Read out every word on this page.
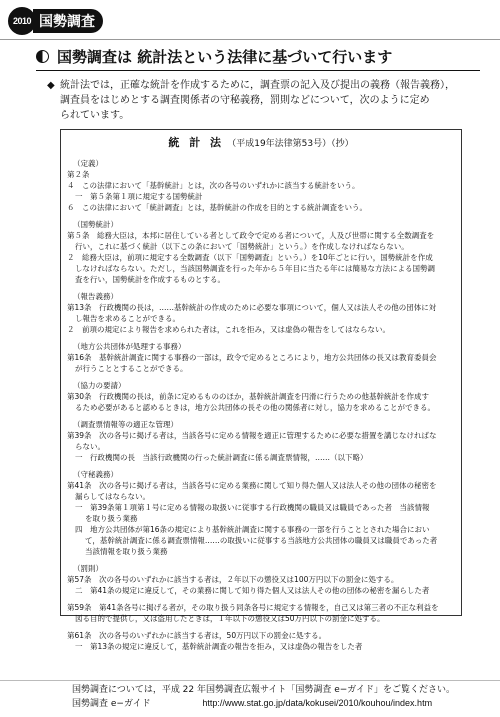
2010 国勢調査
国勢調査は 統計法という法律に基づいて行います
◆ 統計法では，正確な統計を作成するために，調査票の記入及び提出の義務（報告義務），
調査員をはじめとする調査関係者の守秘義務，罰則などについて，次のように定め
られています。
統 計 法 （平成19年法律第53号）（抄）
（定義）
第２条
４　この法律において「基幹統計」とは，次の各号のいずれかに該当する統計をいう。
一　第５条第１項に規定する国勢統計
６　この法律において「統計調査」とは，基幹統計の作成を目的とする統計調査をいう。
（国勢統計）
第５条　総務大臣は，本邦に居住している者として政令で定める者について，人及び世帯に関する全数調査を
行い，これに基づく統計（以下この条において「国勢統計」という。）を作成しなければならない。
２　総務大臣は，前項に規定する全数調査（以下「国勢調査」という。）を10年ごとに行い，国勢統計を作成
しなければならない。ただし，当該国勢調査を行った年から５年目に当たる年には簡易な方法による国勢調
査を行い，国勢統計を作成するものとする。
（報告義務）
第13条　行政機関の長は，……基幹統計の作成のために必要な事項について，個人又は法人その他の団体に対
し報告を求めることができる。
２　前項の規定により報告を求められた者は，これを拒み，又は虚偽の報告をしてはならない。
（地方公共団体が処理する事務）
第16条　基幹統計調査に関する事務の一部は，政令で定めるところにより，地方公共団体の長又は教育委員会
が行うこととすることができる。
（協力の要請）
第30条　行政機関の長は，前条に定めるもののほか，基幹統計調査を円滑に行うための他基幹統計を作成す
るため必要があると認めるときは，地方公共団体の長その他の関係者に対し，協力を求めることができる。
（調査票情報等の適正な管理）
第39条　次の各号に掲げる者は，当該各号に定める情報を適正に管理するために必要な措置を講じなければな
らない。
一　行政機関の長　当該行政機関の行った統計調査に係る調査票情報，……（以下略）
（守秘義務）
第41条　次の各号に掲げる者は，当該各号に定める業務に関して知り得た個人又は法人その他の団体の秘密を
漏らしてはならない。
一　第39条第１項第１号に定める情報の取扱いに従事する行政機関の職員又は職員であった者　当該情報
を取り扱う業務
四　地方公共団体が第16条の規定により基幹統計調査に関する事務の一部を行うこととされた場合におい
て，基幹統計調査に係る調査票情報……の取扱いに従事する当該地方公共団体の職員又は職員であった者
当該情報を取り扱う業務
（罰則）
第57条　次の各号のいずれかに該当する者は，２年以下の懲役又は100万円以下の罰金に処する。
二　第41条の規定に違反して，その業務に関して知り得た個人又は法人その他の団体の秘密を漏らした者
第59条　第41条各号に掲げる者が，その取り扱う同条各号に規定する情報を，自己又は第三者の不正な利益を
図る目的で提供し，又は盗用したときは，１年以下の懲役又は50万円以下の罰金に処する。
第61条　次の各号のいずれかに該当する者は，50万円以下の罰金に処する。
一　第13条の規定に違反して，基幹統計調査の報告を拒み，又は虚偽の報告をした者
国勢調査については，平成 22 年国勢調査広報サイト「国勢調査 e−ガイド」をご覧ください。
国勢調査 e−ガイド	http://www.stat.go.jp/data/kokusei/2010/kouhou/index.htm
